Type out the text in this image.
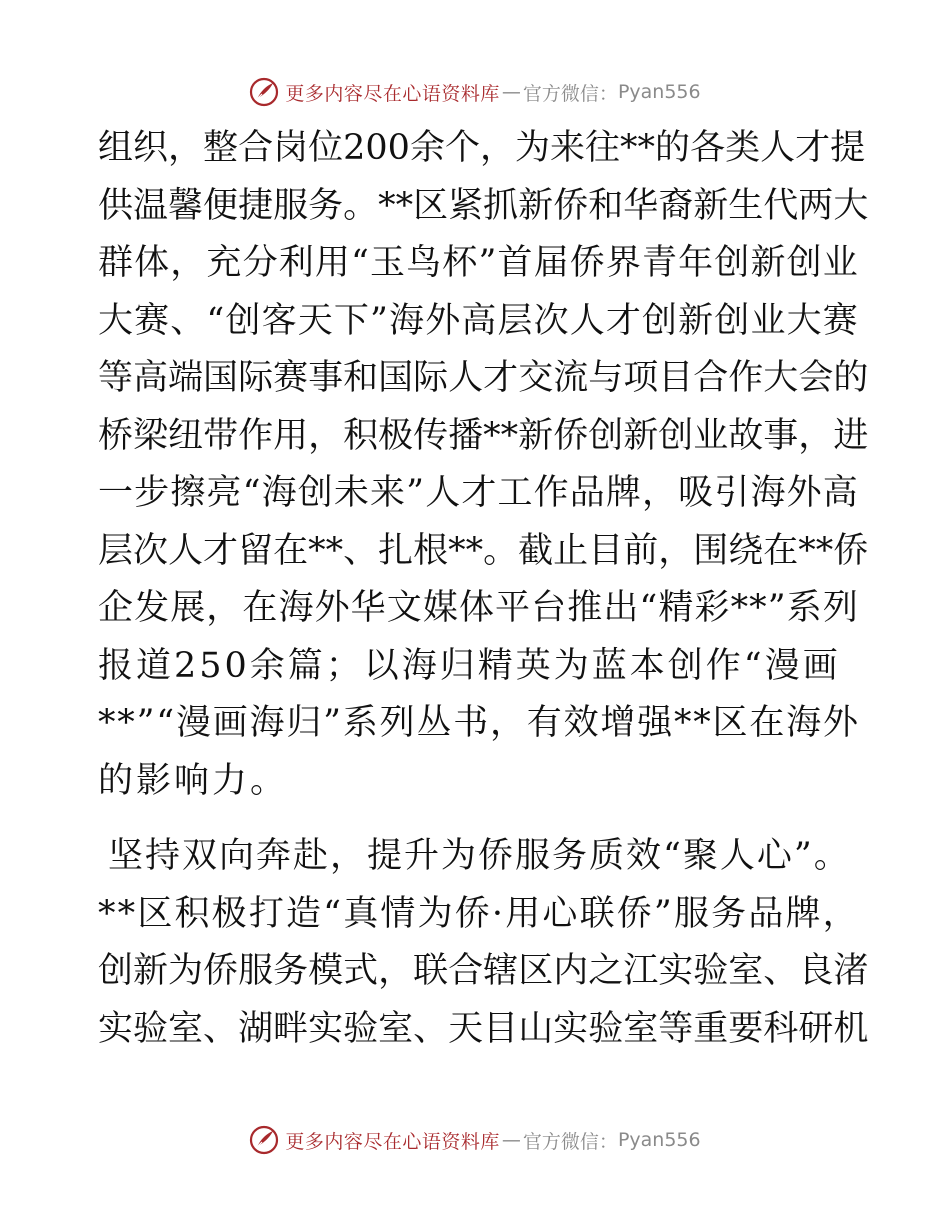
更多内容尽在心语资料库 — 官方微信： Pyan556
组 织 ， 整 合 岗 位 2 0 0 余 个 ， 为 来 往 * * 的 各 类 人 才 提
供 温 馨 便 捷 服 务 。 * * 区 紧 抓 新 侨 和 华 裔 新 生 代 两 大
群 体 ， 充 分 利 用 “ 玉 鸟 杯 ” 首 届 侨 界 青 年 创 新 创 业
大 赛 、 “ 创 客 天 下 ” 海 外 高 层 次 人 才 创 新 创 业 大 赛
等 高 端 国 际 赛 事 和 国 际 人 才 交 流 与 项 目 合 作 大 会 的
桥 梁 纽 带 作 用 ， 积 极 传 播 * * 新 侨 创 新 创 业 故 事 ， 进
一 步 擦 亮 “ 海 创 未 来 ” 人 才 工 作 品 牌 ， 吸 引 海 外 高
层 次 人 才 留 在 * * 、 扎 根 * * 。 截 止 目 前 ， 围 绕 在 * * 侨
企 发 展 ， 在 海 外 华 文 媒 体 平 台 推 出 “ 精 彩 * * ” 系 列
报道250余篇；以海归精英为蓝本创作“漫画
* * ” “ 漫 画 海 归 ” 系 列 丛 书 ， 有 效 增 强 * * 区 在 海 外
的影响力。
坚持双向奔赴，提升为侨服务质效“聚人心”。
* * 区 积 极 打 造 “ 真 情 为 侨 · 用 心 联 侨 ” 服 务 品 牌 ，
创 新 为 侨 服 务 模 式 ， 联 合 辖 区 内 之 江 实 验 室 、 良 渚
实 验 室 、 湖 畔 实 验 室 、 天 目 山 实 验 室 等 重 要 科 研 机
更多内容尽在心语资料库 — 官方微信： Pyan556
